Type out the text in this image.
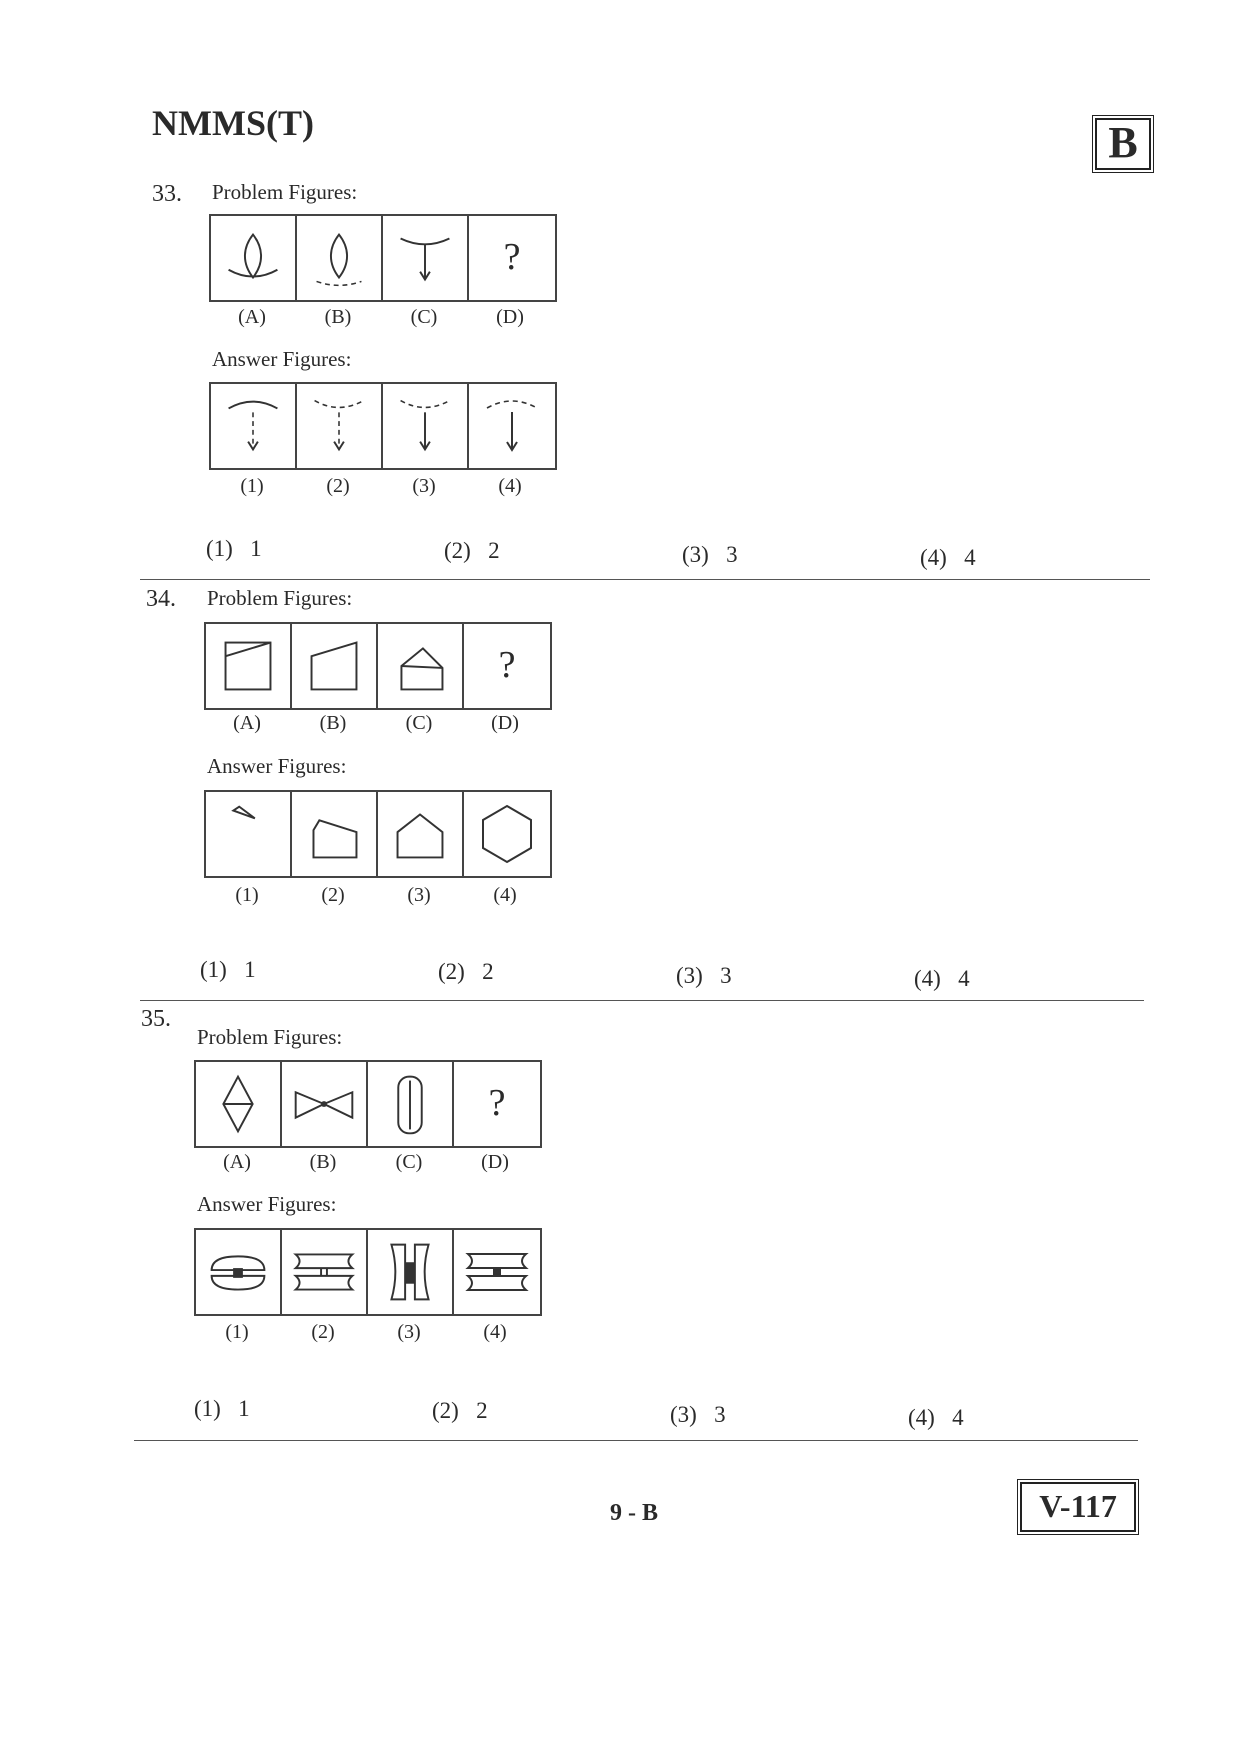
NMMS(T)	B
33. Problem Figures:
?
(A)	(B)	(C)	(D)
Answer Figures:
(1)	(2)	(3)	(4)
(1)   1	(2)   2	(3)   3	(4)   4
34. Problem Figures:
?
(A)	(B)	(C)	(D)
Answer Figures:
(1)	(2)	(3)	(4)
(1)   1	(2)   2	(3)   3	(4)   4
35.
Problem Figures:
?
(A)	(B)	(C)	(D)
Answer Figures:
(1)	(2)	(3)	(4)
(1)   1	(2)   2	(3)   3	(4)   4
9 - B	V-117
